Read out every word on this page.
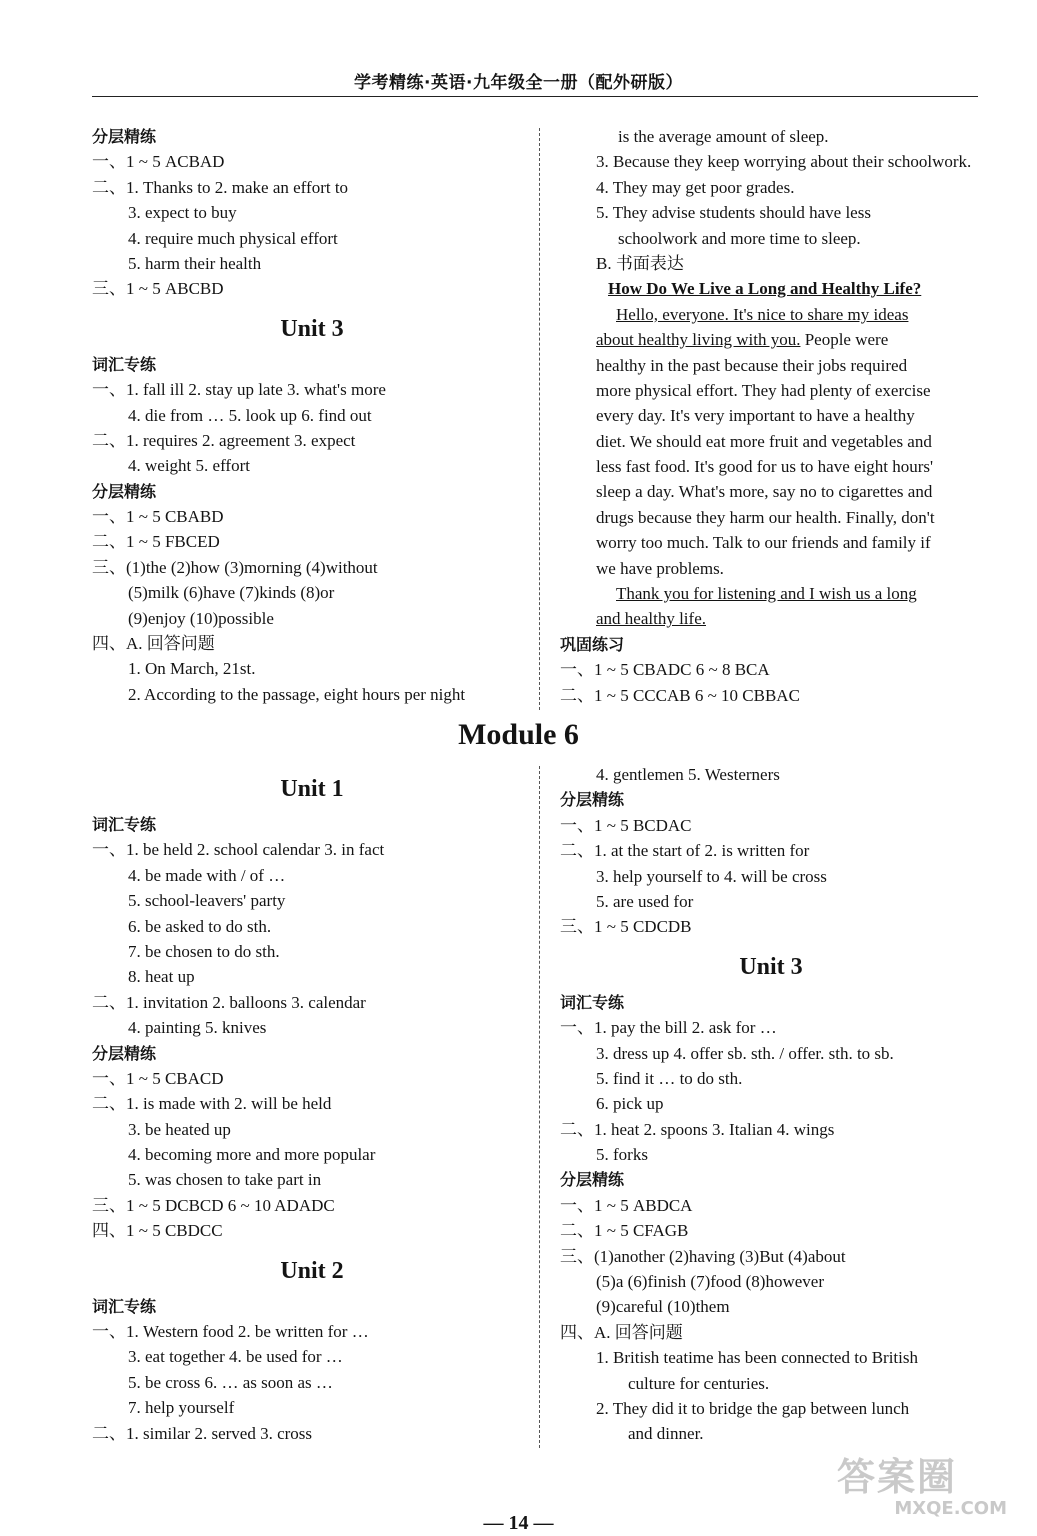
学考精练·英语·九年级全一册（配外研版）
分层精练
一、1 ~ 5 ACBAD
二、1. Thanks to 2. make an effort to
3. expect to buy
4. require much physical effort
5. harm their health
三、1 ~ 5 ABCBD
Unit 3
词汇专练
一、1. fall ill 2. stay up late 3. what's more
4. die from … 5. look up 6. find out
二、1. requires 2. agreement 3. expect
4. weight 5. effort
分层精练
一、1 ~ 5 CBABD
二、1 ~ 5 FBCED
三、(1)the (2)how (3)morning (4)without
(5)milk (6)have (7)kinds (8)or
(9)enjoy (10)possible
四、A. 回答问题
1. On March, 21st.
2. According to the passage, eight hours per night
is the average amount of sleep.
3. Because they keep worrying about their schoolwork.
4. They may get poor grades.
5. They advise students should have less
schoolwork and more time to sleep.
B. 书面表达
How Do We Live a Long and Healthy Life?
Hello, everyone. It's nice to share my ideas
about healthy living with you. People were
healthy in the past because their jobs required
more physical effort. They had plenty of exercise
every day. It's very important to have a healthy
diet. We should eat more fruit and vegetables and
less fast food. It's good for us to have eight hours'
sleep a day. What's more, say no to cigarettes and
drugs because they harm our health. Finally, don't
worry too much. Talk to our friends and family if
we have problems.
Thank you for listening and I wish us a long
and healthy life.
巩固练习
一、1 ~ 5 CBADC 6 ~ 8 BCA
二、1 ~ 5 CCCAB 6 ~ 10 CBBAC
Module 6
Unit 1
词汇专练
一、1. be held 2. school calendar 3. in fact
4. be made with / of …
5. school-leavers' party
6. be asked to do sth.
7. be chosen to do sth.
8. heat up
二、1. invitation 2. balloons 3. calendar
4. painting 5. knives
分层精练
一、1 ~ 5 CBACD
二、1. is made with 2. will be held
3. be heated up
4. becoming more and more popular
5. was chosen to take part in
三、1 ~ 5 DCBCD 6 ~ 10 ADADC
四、1 ~ 5 CBDCC
Unit 2
词汇专练
一、1. Western food 2. be written for …
3. eat together 4. be used for …
5. be cross 6. … as soon as …
7. help yourself
二、1. similar 2. served 3. cross
4. gentlemen 5. Westerners
分层精练
一、1 ~ 5 BCDAC
二、1. at the start of 2. is written for
3. help yourself to 4. will be cross
5. are used for
三、1 ~ 5 CDCDB
Unit 3
词汇专练
一、1. pay the bill 2. ask for …
3. dress up 4. offer sb. sth. / offer. sth. to sb.
5. find it … to do sth.
6. pick up
二、1. heat 2. spoons 3. Italian 4. wings
5. forks
分层精练
一、1 ~ 5 ABDCA
二、1 ~ 5 CFAGB
三、(1)another (2)having (3)But (4)about
(5)a (6)finish (7)food (8)however
(9)careful (10)them
四、A. 回答问题
1. British teatime has been connected to British
culture for centuries.
2. They did it to bridge the gap between lunch
and dinner.
— 14 —
答案圈
MXQE.COM
